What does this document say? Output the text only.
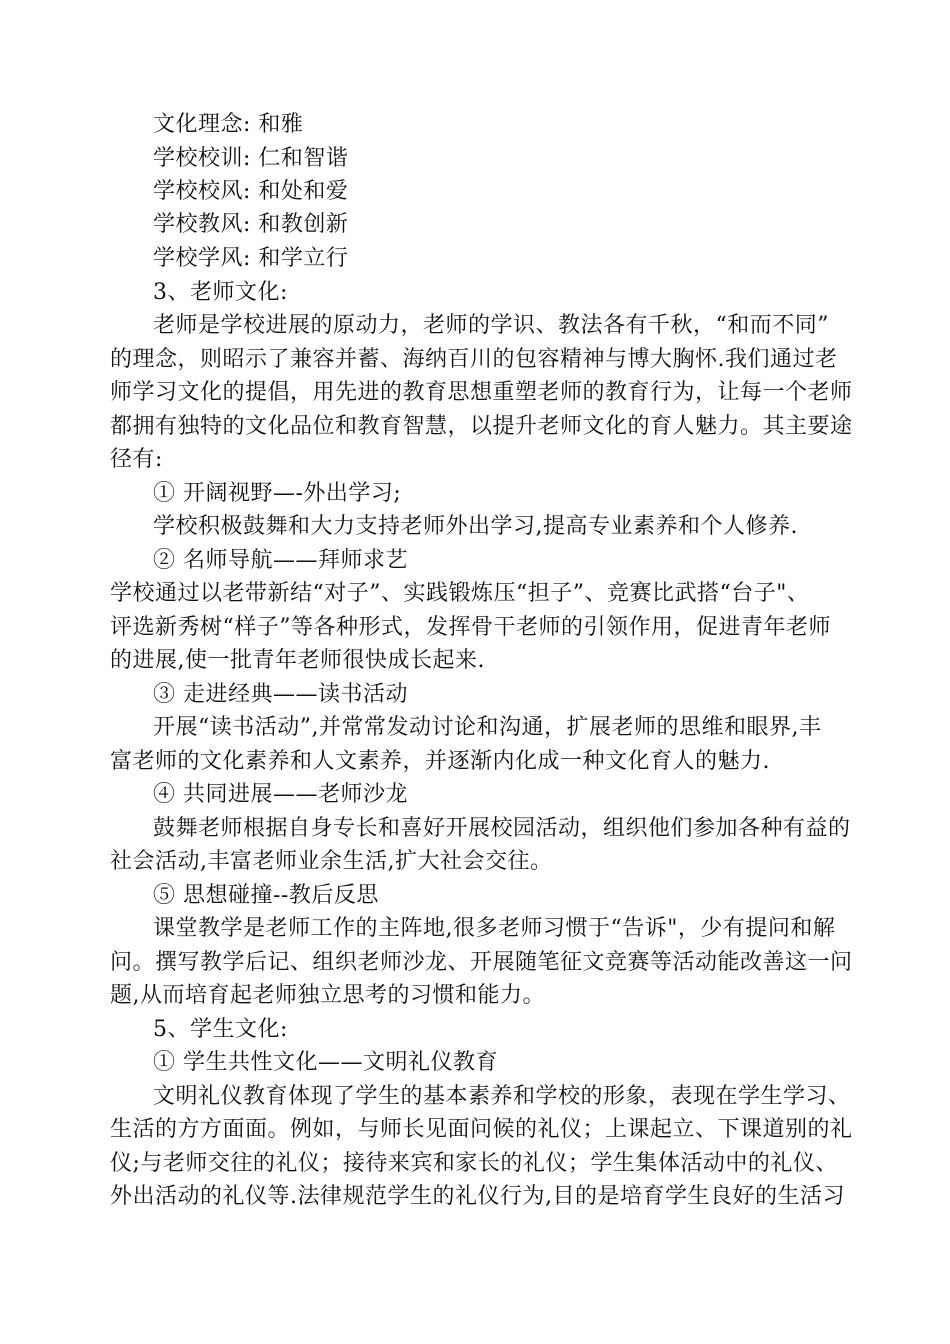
文化理念: 和雅
学校校训: 仁和智谐
学校校风: 和处和爱
学校教风: 和教创新
学校学风: 和学立行
3、老师文化:
老师是学校进展的原动力，老师的学识、教法各有千秋，“和而不同”
的理念，则昭示了兼容并蓄、海纳百川的包容精神与博大胸怀.我们通过老
师学习文化的提倡，用先进的教育思想重塑老师的教育行为，让每一个老师
都拥有独特的文化品位和教育智慧，以提升老师文化的育人魅力。其主要途
径有:
① 开阔视野—-外出学习;
学校积极鼓舞和大力支持老师外出学习,提高专业素养和个人修养.
② 名师导航——拜师求艺
学校通过以老带新结“对子”、实践锻炼压“担子”、竞赛比武搭“台子"、
评选新秀树“样子”等各种形式，发挥骨干老师的引领作用，促进青年老师
的进展,使一批青年老师很快成长起来.
③ 走进经典——读书活动
开展“读书活动”,并常常发动讨论和沟通，扩展老师的思维和眼界,丰
富老师的文化素养和人文素养，并逐渐内化成一种文化育人的魅力.
④ 共同进展——老师沙龙
鼓舞老师根据自身专长和喜好开展校园活动，组织他们参加各种有益的
社会活动,丰富老师业余生活,扩大社会交往。
⑤ 思想碰撞--教后反思
课堂教学是老师工作的主阵地,很多老师习惯于“告诉"，少有提问和解
问。撰写教学后记、组织老师沙龙、开展随笔征文竞赛等活动能改善这一问
题,从而培育起老师独立思考的习惯和能力。
5、学生文化:
① 学生共性文化——文明礼仪教育
文明礼仪教育体现了学生的基本素养和学校的形象，表现在学生学习、
生活的方方面面。例如，与师长见面问候的礼仪；上课起立、下课道别的礼
仪;与老师交往的礼仪；接待来宾和家长的礼仪；学生集体活动中的礼仪、
外出活动的礼仪等.法律规范学生的礼仪行为,目的是培育学生良好的生活习
